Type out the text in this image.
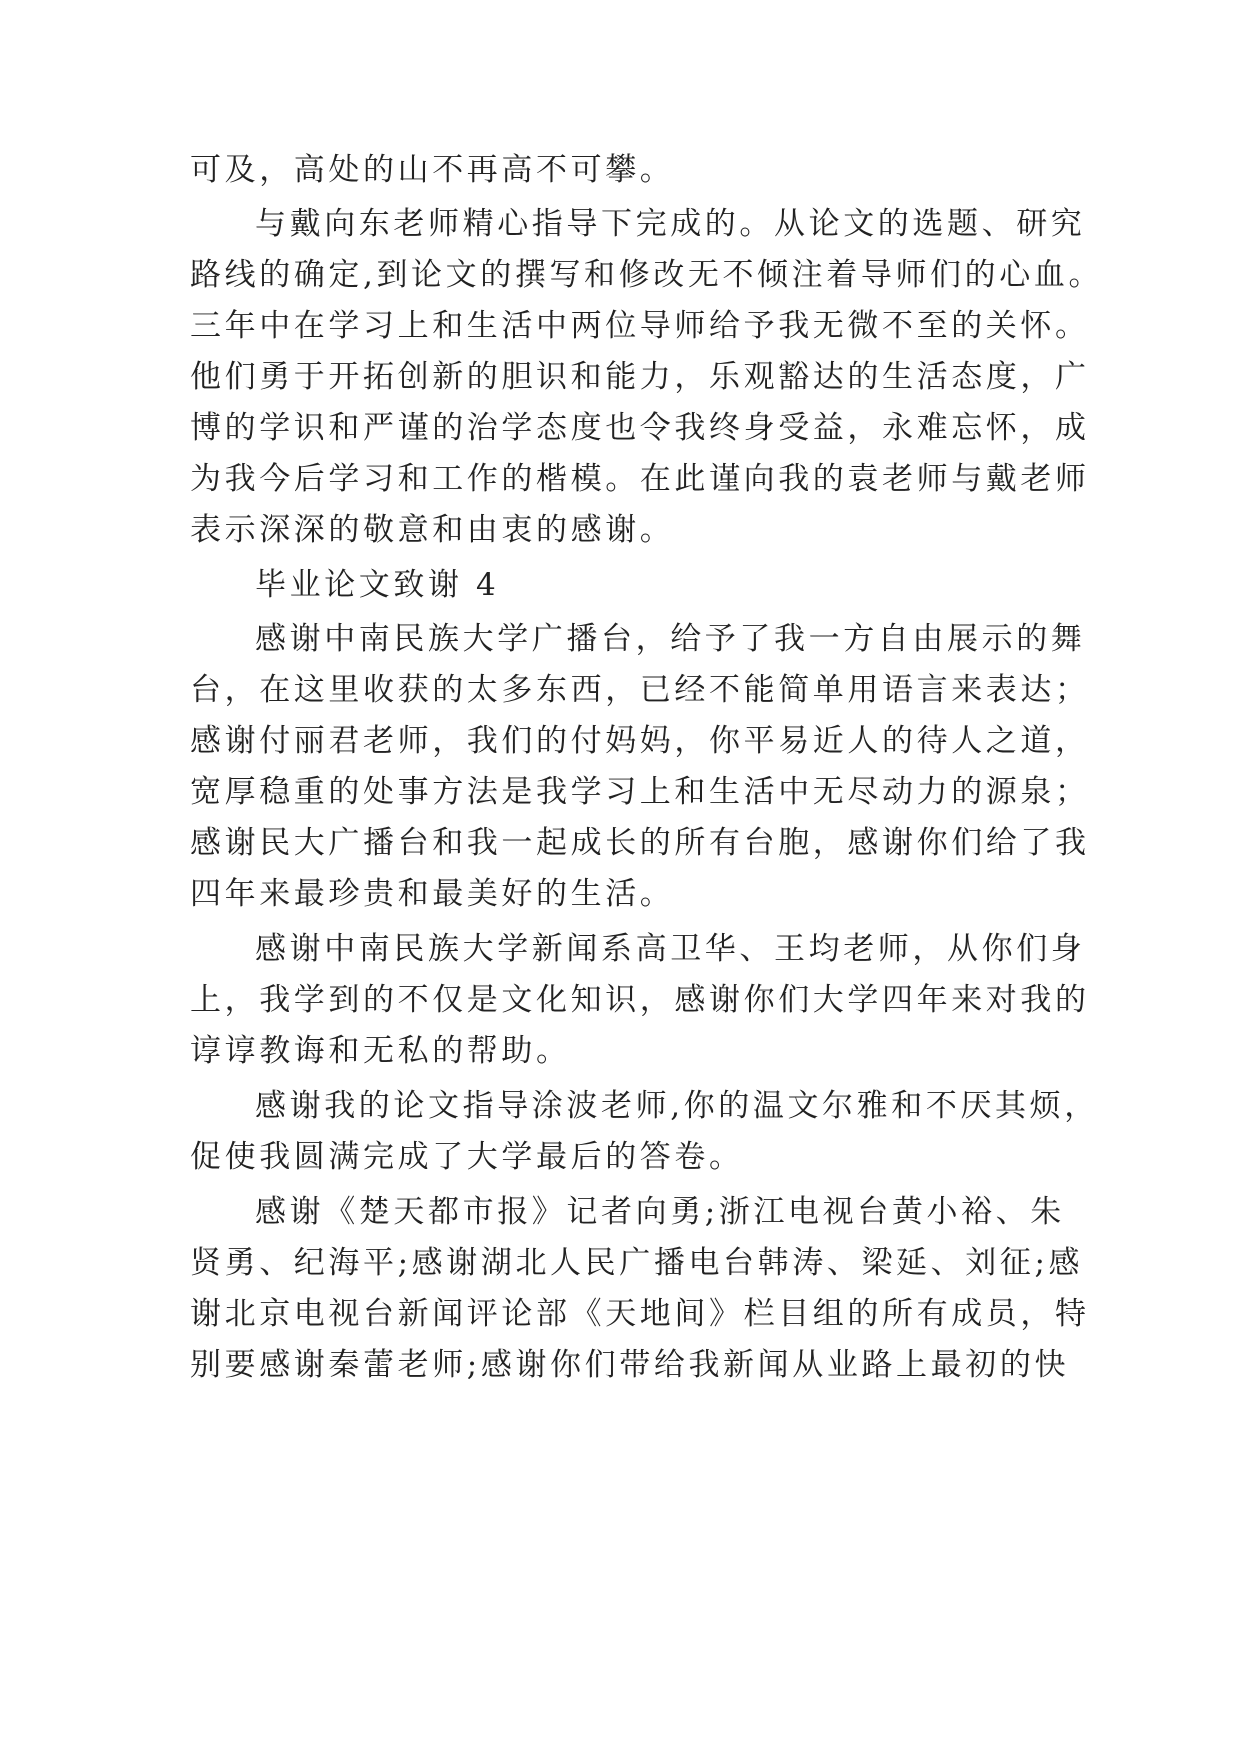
可及，高处的山不再高不可攀。
与戴向东老师精心指导下完成的。从论文的选题、研究
路线的确定,到论文的撰写和修改无不倾注着导师们的心血。
三年中在学习上和生活中两位导师给予我无微不至的关怀。
他们勇于开拓创新的胆识和能力，乐观豁达的生活态度，广
博的学识和严谨的治学态度也令我终身受益，永难忘怀，成
为我今后学习和工作的楷模。在此谨向我的袁老师与戴老师
表示深深的敬意和由衷的感谢。
毕业论文致谢 4
感谢中南民族大学广播台，给予了我一方自由展示的舞
台，在这里收获的太多东西，已经不能简单用语言来表达；
感谢付丽君老师，我们的付妈妈，你平易近人的待人之道，
宽厚稳重的处事方法是我学习上和生活中无尽动力的源泉；
感谢民大广播台和我一起成长的所有台胞，感谢你们给了我
四年来最珍贵和最美好的生活。
感谢中南民族大学新闻系高卫华、王均老师，从你们身
上，我学到的不仅是文化知识，感谢你们大学四年来对我的
谆谆教诲和无私的帮助。
感谢我的论文指导涂波老师,你的温文尔雅和不厌其烦，
促使我圆满完成了大学最后的答卷。
感谢《楚天都市报》记者向勇;浙江电视台黄小裕、朱
贤勇、纪海平;感谢湖北人民广播电台韩涛、梁延、刘征;感
谢北京电视台新闻评论部《天地间》栏目组的所有成员，特
别要感谢秦蕾老师;感谢你们带给我新闻从业路上最初的快
